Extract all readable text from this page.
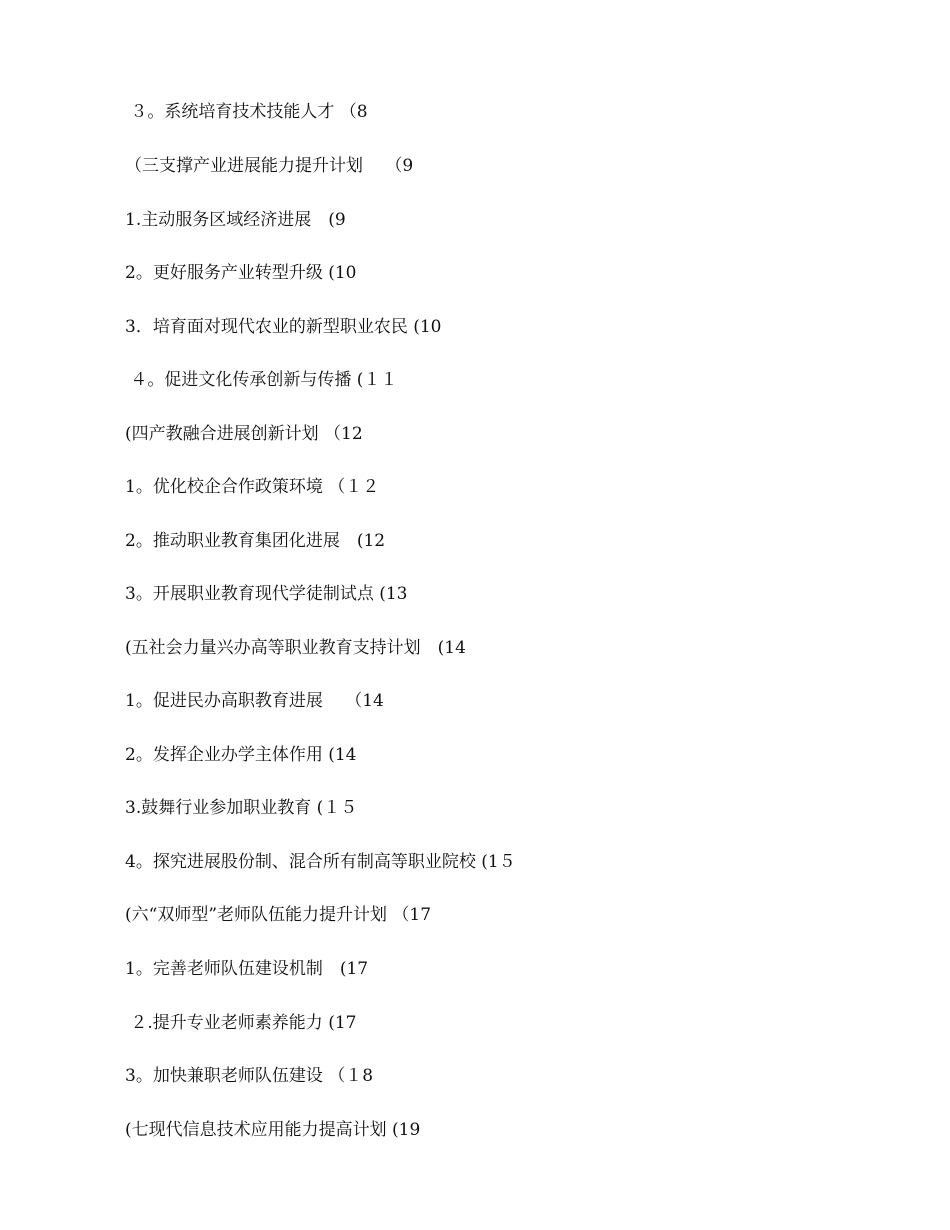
３。系统培育技术技能人才 （8
（三支撑产业进展能力提升计划　 （9
1.主动服务区域经济进展　(9
2。更好服务产业转型升级 (10
3．培育面对现代农业的新型职业农民 (10
４。促进文化传承创新与传播 (１１
(四产教融合进展创新计划 （12
1。优化校企合作政策环境 （１２
2。推动职业教育集团化进展　(12
3。开展职业教育现代学徒制试点 (13
(五社会力量兴办高等职业教育支持计划　(14
1。促进民办高职教育进展　 （14
2。发挥企业办学主体作用 (14
3.鼓舞行业参加职业教育 (１５
4。探究进展股份制、混合所有制高等职业院校 (1５
(六“双师型”老师队伍能力提升计划 （17
1。完善老师队伍建设机制　(17
２.提升专业老师素养能力 (17
3。加快兼职老师队伍建设 （１8
(七现代信息技术应用能力提高计划 (19
